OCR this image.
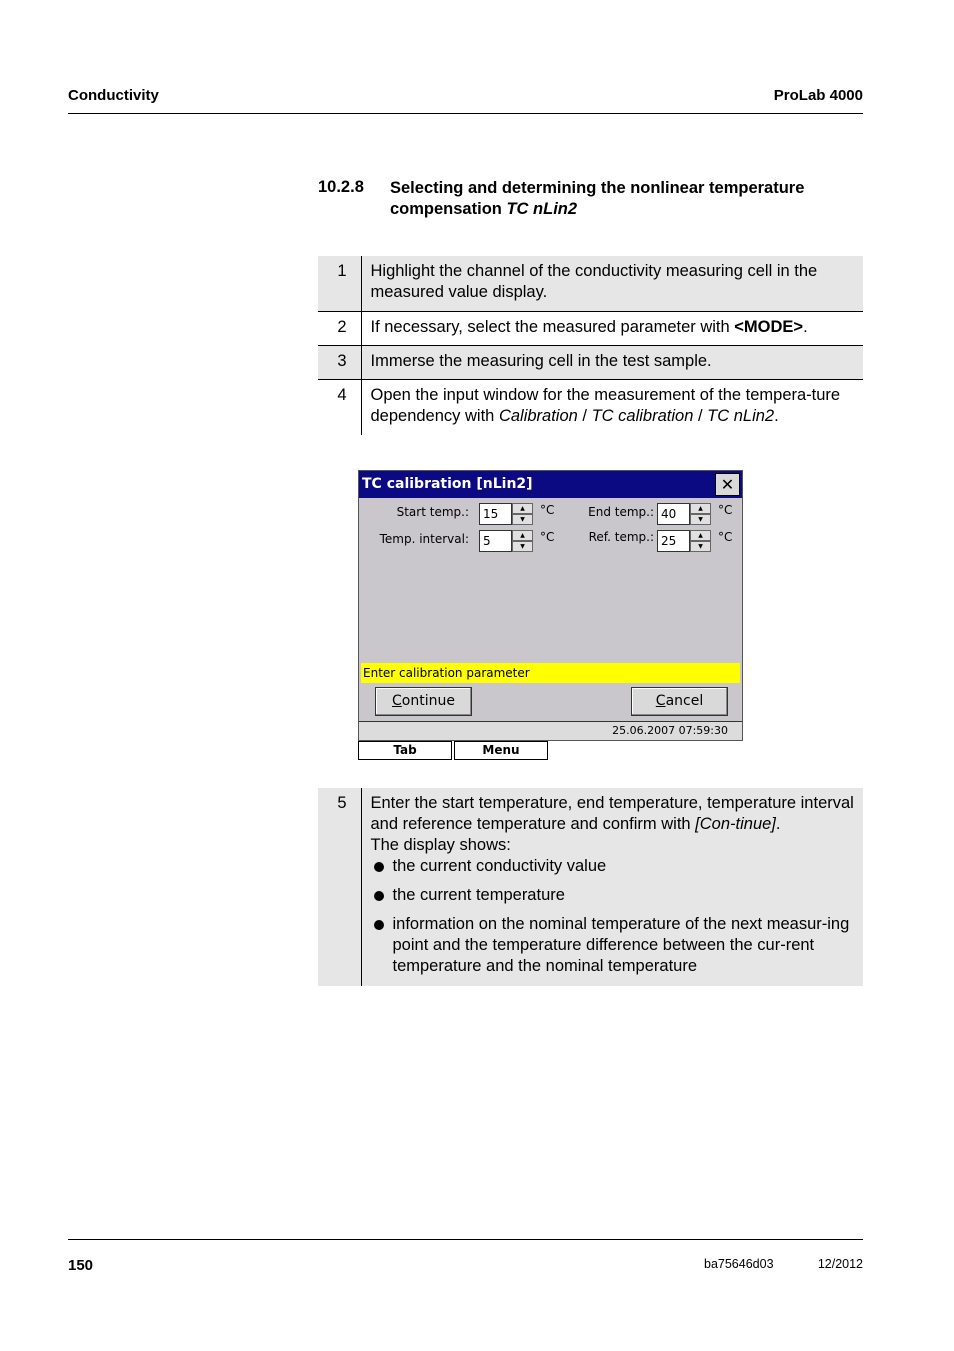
Conductivity	ProLab 4000
10.2.8 Selecting and determining the nonlinear temperature compensation TC nLin2
1	Highlight the channel of the conductivity measuring cell in the measured value display.
2	If necessary, select the measured parameter with <MODE>.
3	Immerse the measuring cell in the test sample.
4	Open the input window for the measurement of the tempera-ture dependency with Calibration / TC calibration / TC nLin2.
TC calibration [nLin2]	✕
Start temp.:	15	▲
▼
°C
Temp. interval:	5	▲
▼
°C
End temp.: 40	▲
▼
°C
Ref. temp.: 25	▲
▼
°C
Enter calibration parameter
Continue	Cancel
25.06.2007 07:59:30
Tab	Menu
5	Enter the start temperature, end temperature, temperature interval and reference temperature and confirm with [Con-tinue].
The display shows:
the current conductivity value
the current temperature
information on the nominal temperature of the next measur-ing point and the temperature difference between the cur-rent temperature and the nominal temperature
150	ba75646d03	12/2012
